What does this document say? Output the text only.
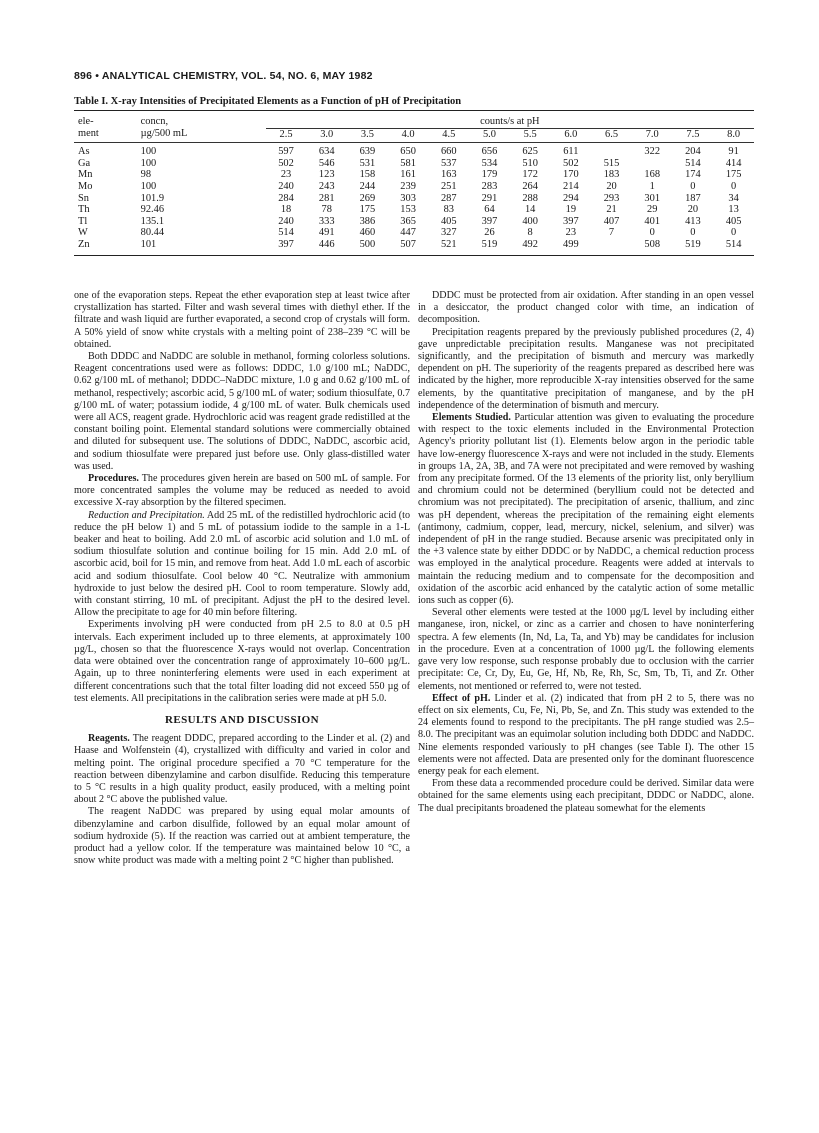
896 • ANALYTICAL CHEMISTRY, VOL. 54, NO. 6, MAY 1982
Table I. X-ray Intensities of Precipitated Elements as a Function of pH of Precipitation
ele-	concn,	counts/s at pH											
ment	µg/500 mL	2.5	3.0	3.5	4.0	4.5	5.0	5.5	6.0	6.5	7.0	7.5	8.0
As	100	597	634	639	650	660	656	625	611		322	204	91
Ga	100	502	546	531	581	537	534	510	502	515		514	414
Mn	98	23	123	158	161	163	179	172	170	183	168	174	175
Mo	100	240	243	244	239	251	283	264	214	20	1	0	0
Sn	101.9	284	281	269	303	287	291	288	294	293	301	187	34
Th	92.46	18	78	175	153	83	64	14	19	21	29	20	13
Tl	135.1	240	333	386	365	405	397	400	397	407	401	413	405
W	80.44	514	491	460	447	327	26	8	23	7	0	0	0
Zn	101	397	446	500	507	521	519	492	499		508	519	514

one of the evaporation steps. Repeat the ether evaporation step at least twice after crystallization has started. Filter and wash several times with diethyl ether. If the filtrate and wash liquid are further evaporated, a second crop of crystals will form. A 50% yield of snow white crystals with a melting point of 238–239 °C will be obtained.

Both DDDC and NaDDC are soluble in methanol, forming colorless solutions. Reagent concentrations used were as follows: DDDC, 1.0 g/100 mL; NaDDC, 0.62 g/100 mL of methanol; DDDC–NaDDC mixture, 1.0 g and 0.62 g/100 mL of methanol, respectively; ascorbic acid, 5 g/100 mL of water; sodium thiosulfate, 0.7 g/100 mL of water; potassium iodide, 4 g/100 mL of water. Bulk chemicals used were all ACS, reagent grade. Hydrochloric acid was reagent grade redistilled at the constant boiling point. Elemental standard solutions were commercially obtained and diluted for subsequent use. The solutions of DDDC, NaDDC, ascorbic acid, and sodium thiosulfate were prepared just before use. Only glass-distilled water was used.

Procedures. The procedures given herein are based on 500 mL of sample. For more concentrated samples the volume may be reduced as needed to avoid excessive X-ray absorption by the filtered specimen.

Reduction and Precipitation. Add 25 mL of the redistilled hydrochloric acid (to reduce the pH below 1) and 5 mL of potassium iodide to the sample in a 1-L beaker and heat to boiling. Add 2.0 mL of ascorbic acid solution and 1.0 mL of sodium thiosulfate solution and continue boiling for 15 min. Add 2.0 mL of ascorbic acid, boil for 15 min, and remove from heat. Add 1.0 mL each of ascorbic acid and sodium thiosulfate. Cool below 40 °C. Neutralize with ammonium hydroxide to just below the desired pH. Cool to room temperature. Slowly add, with constant stirring, 10 mL of precipitant. Adjust the pH to the desired level. Allow the precipitate to age for 40 min before filtering.

Experiments involving pH were conducted from pH 2.5 to 8.0 at 0.5 pH intervals. Each experiment included up to three elements, at approximately 100 µg/L, chosen so that the fluorescence X-rays would not overlap. Concentration data were obtained over the concentration range of approximately 10–600 µg/L. Again, up to three noninterfering elements were used in each experiment at different concentrations such that the total filter loading did not exceed 550 µg of test elements. All precipitations in the calibration series were made at pH 5.0.

RESULTS AND DISCUSSION

Reagents. The reagent DDDC, prepared according to the Linder et al. (2) and Haase and Wolfenstein (4), crystallized with difficulty and varied in color and melting point. The original procedure specified a 70 °C temperature for the reaction between dibenzylamine and carbon disulfide. Reducing this temperature to 5 °C results in a high quality product, easily produced, with a melting point about 2 °C above the published value.

The reagent NaDDC was prepared by using equal molar amounts of dibenzylamine and carbon disulfide, followed by an equal molar amount of sodium hydroxide (5). If the reaction was carried out at ambient temperature, the product had a yellow color. If the temperature was maintained below 10 °C, a snow white product was made with a melting point 2 °C higher than published.

DDDC must be protected from air oxidation. After standing in an open vessel in a desiccator, the product changed color with time, an indication of decomposition.

Precipitation reagents prepared by the previously published procedures (2, 4) gave unpredictable precipitation results. Manganese was not precipitated significantly, and the precipitation of bismuth and mercury was markedly dependent on pH. The superiority of the reagents prepared as described here was indicated by the higher, more reproducible X-ray intensities observed for the same elements, by the quantitative precipitation of manganese, and by the pH independence of the determination of bismuth and mercury.

Elements Studied. Particular attention was given to evaluating the procedure with respect to the toxic elements included in the Environmental Protection Agency's priority pollutant list (1). Elements below argon in the periodic table have low-energy fluorescence X-rays and were not included in the study. Elements in groups 1A, 2A, 3B, and 7A were not precipitated and were removed by washing from any precipitate formed. Of the 13 elements of the priority list, only beryllium and chromium could not be determined (beryllium could not be detected and chromium was not precipitated). The precipitation of arsenic, thallium, and zinc was pH dependent, whereas the precipitation of the remaining eight elements (antimony, cadmium, copper, lead, mercury, nickel, selenium, and silver) was independent of pH in the range studied. Because arsenic was precipitated only in the +3 valence state by either DDDC or by NaDDC, a chemical reduction process was employed in the analytical procedure. Reagents were added at intervals to maintain the reducing medium and to compensate for the decomposition and oxidation of the ascorbic acid enhanced by the catalytic action of some metallic ions such as copper (6).

Several other elements were tested at the 1000 µg/L level by including either manganese, iron, nickel, or zinc as a carrier and chosen to have noninterfering spectra. A few elements (In, Nd, La, Ta, and Yb) may be candidates for inclusion in the procedure. Even at a concentration of 1000 µg/L the following elements gave very low response, such response probably due to occlusion with the carrier precipitate: Ce, Cr, Dy, Eu, Ge, Hf, Nb, Re, Rh, Sc, Sm, Tb, Ti, and Zr. Other elements, not mentioned or referred to, were not tested.

Effect of pH. Linder et al. (2) indicated that from pH 2 to 5, there was no effect on six elements, Cu, Fe, Ni, Pb, Se, and Zn. This study was extended to the 24 elements found to respond to the precipitants. The pH range studied was 2.5–8.0. The precipitant was an equimolar solution including both DDDC and NaDDC. Nine elements responded variously to pH changes (see Table I). The other 15 elements were not affected. Data are presented only for the dominant fluorescence energy peak for each element.

From these data a recommended procedure could be derived. Similar data were obtained for the same elements using each precipitant, DDDC or NaDDC, alone. The dual precipitants broadened the plateau somewhat for the elements
